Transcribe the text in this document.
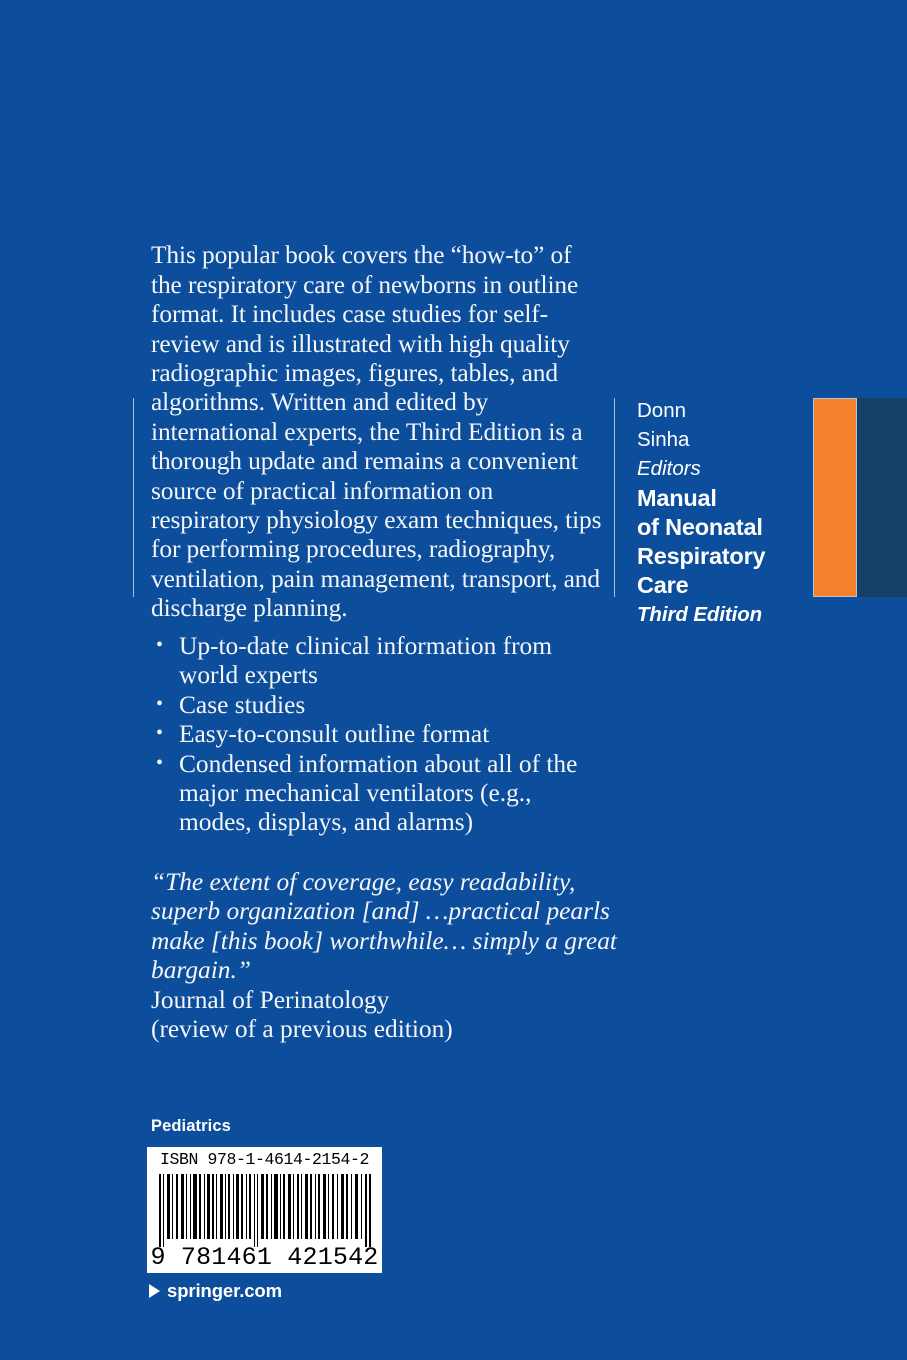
This popular book covers the “how-to” of the respiratory care of newborns in outline format. It includes case studies for self-review and is illustrated with high quality radiographic images, figures, tables, and algorithms. Written and edited by international experts, the Third Edition is a thorough update and remains a convenient source of practical information on respiratory physiology exam techniques, tips for performing procedures, radiography, ventilation, pain management, transport, and discharge planning.

Donn
Sinha
Editors
Manual
of Neonatal
Respiratory
Care
Third Edition
• Up-to-date clinical information from world experts
• Case studies
• Easy-to-consult outline format
• Condensed information about all of the major mechanical ventilators (e.g., modes, displays, and alarms)
“The extent of coverage, easy readability, superb organization [and] …practical pearls make [this book] worthwhile… simply a great bargain.”
Journal of Perinatology
(review of a previous edition)
Pediatrics
ISBN 978-1-4614-2154-2
9 781461 421542
springer.com
